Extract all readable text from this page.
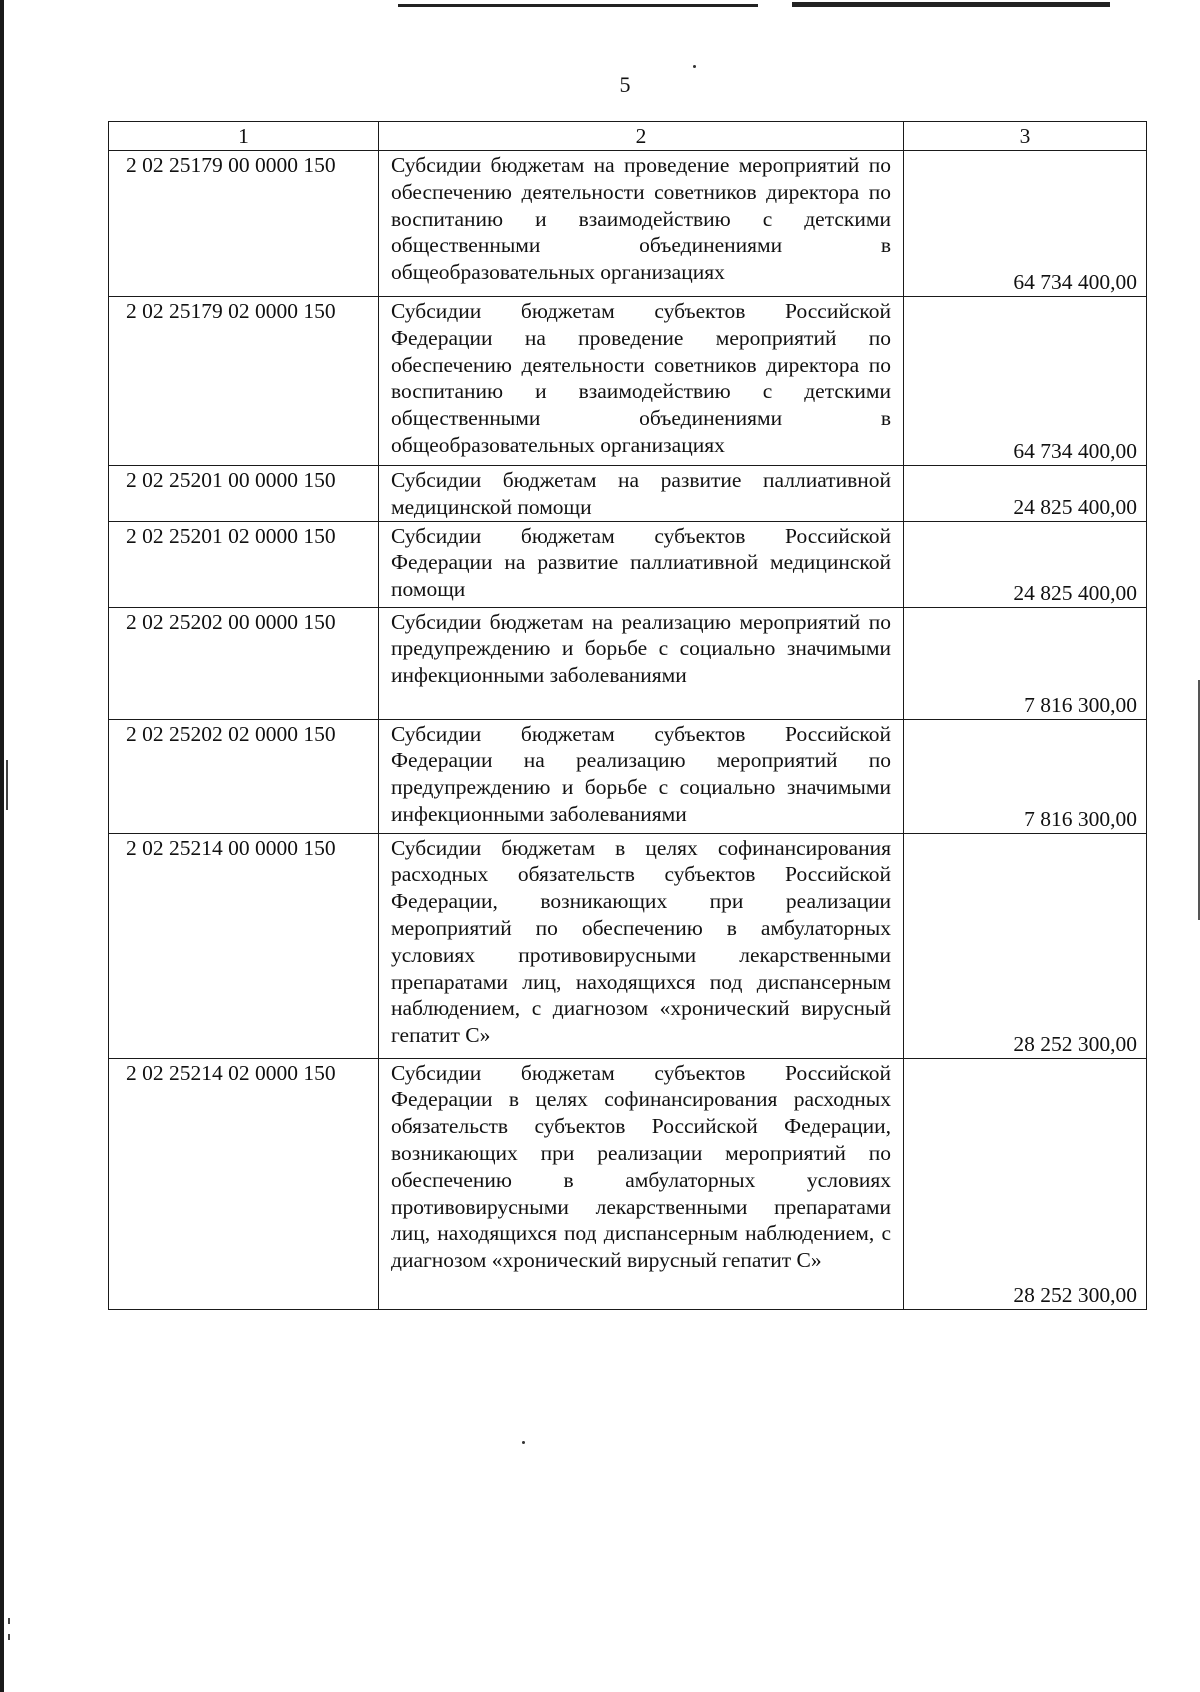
5
1	2	3
2 02 25179 00 0000 150	Субсидии бюджетам на проведение мероприятий по обеспечению деятельности советников директора по воспитанию и взаимодействию с детскими общественными объединениями в общеобразовательных организациях	64 734 400,00
2 02 25179 02 0000 150	Субсидии бюджетам субъектов Российской Федерации на проведение мероприятий по обеспечению деятельности советников директора по воспитанию и взаимодействию с детскими общественными объединениями в общеобразовательных организациях	64 734 400,00
2 02 25201 00 0000 150	Субсидии бюджетам на развитие паллиативной медицинской помощи	24 825 400,00
2 02 25201 02 0000 150	Субсидии бюджетам субъектов Российской Федерации на развитие паллиативной медицинской помощи	24 825 400,00
2 02 25202 00 0000 150	Субсидии бюджетам на реализацию мероприятий по предупреждению и борьбе с социально значимыми инфекционными заболеваниями	7 816 300,00
2 02 25202 02 0000 150	Субсидии бюджетам субъектов Российской Федерации на реализацию мероприятий по предупреждению и борьбе с социально значимыми инфекционными заболеваниями	7 816 300,00
2 02 25214 00 0000 150	Субсидии бюджетам в целях софинансирования расходных обязательств субъектов Российской Федерации, возникающих при реализации мероприятий по обеспечению в амбулаторных условиях противовирусными лекарственными препаратами лиц, находящихся под диспансерным наблюдением, с диагнозом «хронический вирусный гепатит С»	28 252 300,00
2 02 25214 02 0000 150	Субсидии бюджетам субъектов Российской Федерации в целях софинансирования расходных обязательств субъектов Российской Федерации, возникающих при реализации мероприятий по обеспечению в амбулаторных условиях противовирусными лекарственными препаратами лиц, находящихся под диспансерным наблюдением, с диагнозом «хронический вирусный гепатит С»	28 252 300,00
